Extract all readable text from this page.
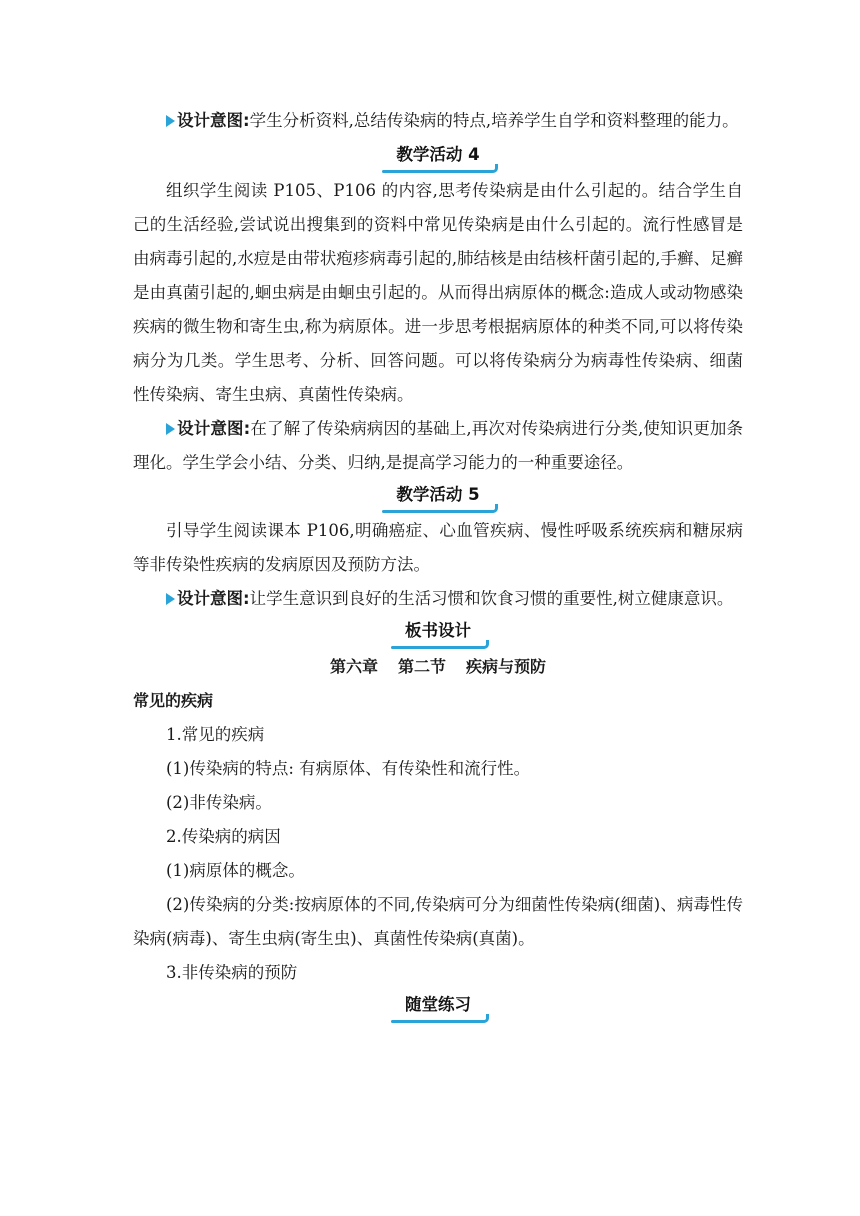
设计意图:学生分析资料,总结传染病的特点,培养学生自学和资料整理的能力。

教学活动 4

组织学生阅读 P105、P106 的内容,思考传染病是由什么引起的。结合学生自己的生活经验,尝试说出搜集到的资料中常见传染病是由什么引起的。流行性感冒是由病毒引起的,水痘是由带状疱疹病毒引起的,肺结核是由结核杆菌引起的,手癣、足癣是由真菌引起的,蛔虫病是由蛔虫引起的。从而得出病原体的概念:造成人或动物感染疾病的微生物和寄生虫,称为病原体。进一步思考根据病原体的种类不同,可以将传染病分为几类。学生思考、分析、回答问题。可以将传染病分为病毒性传染病、细菌性传染病、寄生虫病、真菌性传染病。

设计意图:在了解了传染病病因的基础上,再次对传染病进行分类,使知识更加条理化。学生学会小结、分类、归纳,是提高学习能力的一种重要途径。

教学活动 5

引导学生阅读课本 P106,明确癌症、心血管疾病、慢性呼吸系统疾病和糖尿病等非传染性疾病的发病原因及预防方法。

设计意图:让学生意识到良好的生活习惯和饮食习惯的重要性,树立健康意识。

板书设计

第六章 第二节 疾病与预防

常见的疾病

1.常见的疾病

(1)传染病的特点: 有病原体、有传染性和流行性。

(2)非传染病。

2.传染病的病因

(1)病原体的概念。

(2)传染病的分类:按病原体的不同,传染病可分为细菌性传染病(细菌)、病毒性传染病(病毒)、寄生虫病(寄生虫)、真菌性传染病(真菌)。

3.非传染病的预防

随堂练习
